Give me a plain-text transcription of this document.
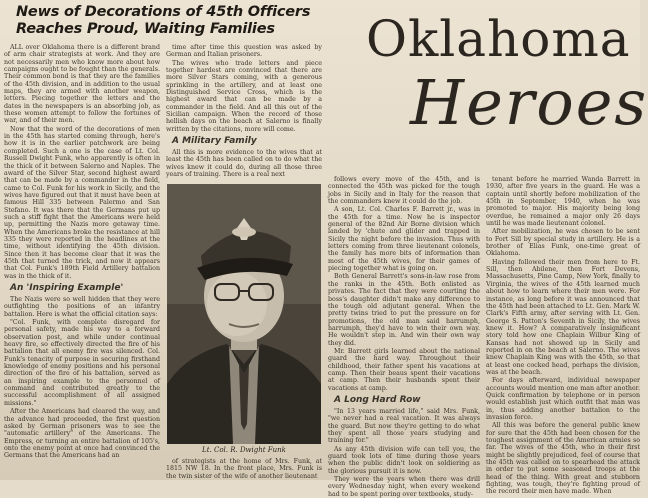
News of Decorations of 45th Officers
Reaches Proud, Waiting Families	Oklahoma
Heroes

ALL over Oklahoma there is a different brand of arm chair strategists at work. And they are not necessarily men who know more about how campaigns ought to be fought than the generals. Their common bond is that they are the families of the 45th division, and in addition to the usual maps, they are armed with another weapon, letters. Piecing together the letters and the dates in the newspapers is an absorbing job, as these women attempt to follow the fortunes of war, and of their men.

Now that the word of the decorations of men in the 45th has started coming through, here's how it is in the earlier patchwork are being completed. Such a one is the case of Lt. Col. Russell Dwight Funk, who apparently is often in the thick of it between Salerno and Naples. The award of the Silver Star, second highest award that can be made by a commander in the field, came to Col. Funk for his work in Sicily, and the wives have figured out that it must have been at famous Hill 335 between Palermo and San Stefano. It was there that the Germans put up such a stiff fight that the Americans were held up, permitting the Nazis more getaway time. When the Americans broke the resistance at hill 335 they were reported in the headlines at the time, without identifying the 45th division. Since then it has become clear that it was the 45th that turned the trick, and now it appears that Col. Funk's 189th Field Artillery battalion was in the thick of it.

An 'Inspiring Example'

The Nazis were so well hidden that they were outfighting the positions of an infantry battalion. Here is what the official citation says:

"Col. Funk, with complete disregard for personal safety, made his way to a forward observation post, and while under continual heavy fire, so effectively directed the fire of his battalion that all enemy fire was silenced. Col. Funk's tenacity of purpose in securing firsthand knowledge of enemy positions and his personal direction of the fire of his battalion, served as an inspiring example to the personnel of command and contributed greatly to the successful accomplishment of all assigned missions."

After the Americans had cleared the way, and the advance had proceeded, the first question asked by German prisoners was to see the "automatic artillery" of the Americans. The Empress, or turning an entire battalion of 105's, onto the enemy point at once had convinced the Germans that the Americans had an

time after time this question was asked by German and Italian prisoners.

The wives who trade letters and piece together hardest are convinced that there are more Silver Stars coming, with a generous sprinkling in the artillery, and at least one Distinguished Service Cross, which is the highest award that can be made by a commander in the field. And all this out of the Sicilian campaign. When the record of those hellish days on the beach at Salerno is finally written by the citations, more will come.

A Military Family

All this is more evidence to the wives that at least the 45th has been called on to do what the wives knew it could do, during all those three years of training. There is a real next

Lt. Col. R. Dwight Funk

of strategists at the home of Mrs. Funk, at 1815 NW 18. In the front place, Mrs. Funk is the twin sister of the wife of another lieutenant

follows every move of the 45th, and is connected the 45th was picked for the tough jobs in Sicily and in Italy for the reason that the commanders knew it could do the job.

A son, Lt. Col. Charles F. Barrett jr., was in the 45th for a time. Now he is inspector general of the 82nd Air Borne division which landed by 'chute and glider and trapped in Sicily the night before the invasion. Thus with letters coming from three lieutenant colonels, the family has more bits of information than most of the 45th wives, for their games of piecing together what is going on.

Both General Barrett's sons-in-law rose from the ranks in the 45th. Both enlisted as privates. The fact that they were courting the boss's daughter didn't make any difference to the tough old adjutant general. When the pretty twins tried to put the pressure on for promotions, the old man said harrumph, harrumph, they'd have to win their own way. He wouldn't step in. And win their own way they did.

Mr. Barrett girls learned about the national guard the hard way. Throughout their childhood, their father spent his vacations at camp. Then their beaus spent their vacations at camp. Then their husbands spent their vacations at camp.

A Long Hard Row

"In 13 years married life," said Mrs. Funk, "we never had a real vacation. It was always the guard. But now they're getting to do what they spent all those years studying and training for."

As any 45th division wife can tell you, the guard took lots of time during those years when the public didn't look on soldiering as the glorious pursuit it is now.

They were the years when there was drill every Wednesday night, when every weekend had to be spent poring over textbooks, study-

tenant before he married Wanda Barrett in 1930, after five years in the guard. He was a captain until shortly before mobilization of the 45th in September, 1940, when he was promoted to major. His majority being long overdue, he remained a major only 26 days until he was made lieutenant colonel.

After mobilization, he was chosen to be sent to Fort Sill by special study in artillery. He is a brother of Elias Funk, one-time great of Oklahoma.

Having followed their men from here to Ft. Sill, then Abilene, then Fort Devens, Massachusetts, Pine Camp, New York, finally to Virginia, the wives of the 45th learned much about how to learn where their men were. For instance, as long before it was announced that the 45th had been attached to Lt. Gen. Mark W. Clark's Fifth army, after serving with Lt. Gen. George S. Patton's Seventh in Sicily, the wives knew it. How? A comparatively insignificant story told how one Chaplain Wilbur King of Kansas had not showed up in Sicily and reported in on the beach at Salerno. The wives knew Chaplain King was with the 45th, so that at least one cocked head, perhaps the division, was at the beach.

For days afterward, individual newspaper accounts would mention one man after another. Quick confirmation by telephone or in person would establish just which outfit that man was in, thus adding another battalion to the invasion force.

All this was before the general public knew for sure that the 45th had been chosen for the toughest assignment of the American armies so far. The wives of the 45th, who in their first might be slightly prejudiced, feel of course that the 45th was called on to spearhead the attack in order to put some seasoned troops at the head of the thing. With great and stubborn fighting, was tough, they're fighting proud of the record their men have made. When
